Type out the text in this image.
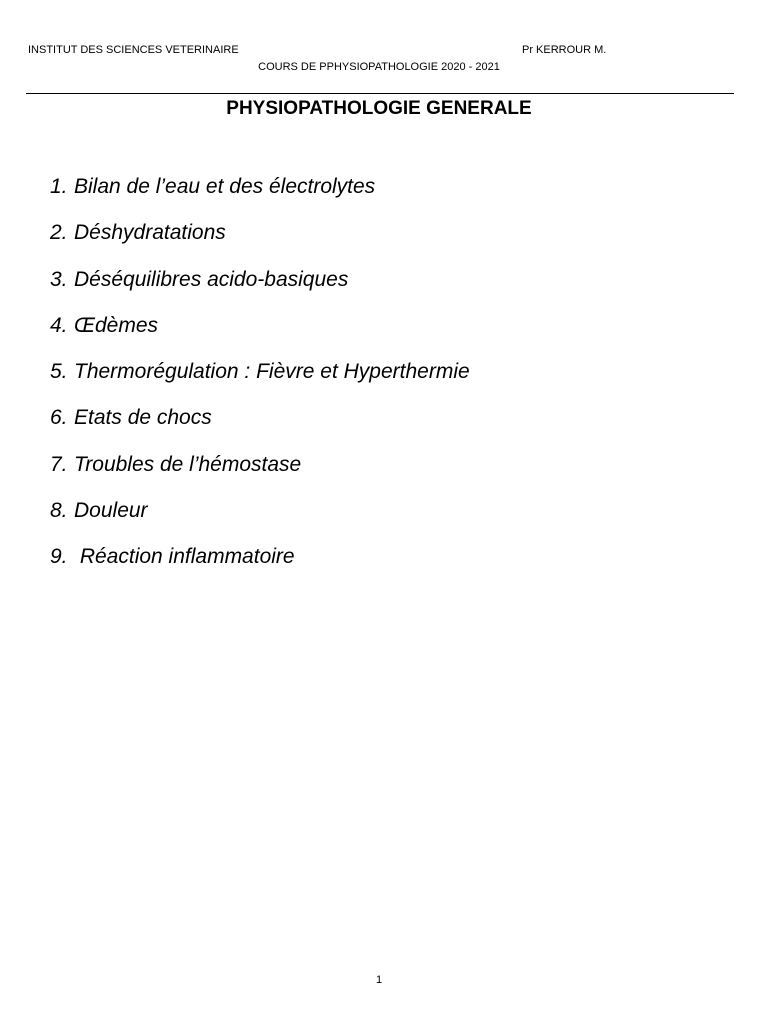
INSTITUT DES SCIENCES VETERINAIRE	Pr KERROUR M.
COURS DE PPHYSIOPATHOLOGIE 2020 - 2021
PHYSIOPATHOLOGIE GENERALE
1. Bilan de l’eau et des électrolytes
2. Déshydratations
3. Déséquilibres acido-basiques
4. Œdèmes
5. Thermorégulation : Fièvre et Hyperthermie
6. Etats de chocs
7. Troubles de l’hémostase
8. Douleur
9. Réaction inflammatoire
1
